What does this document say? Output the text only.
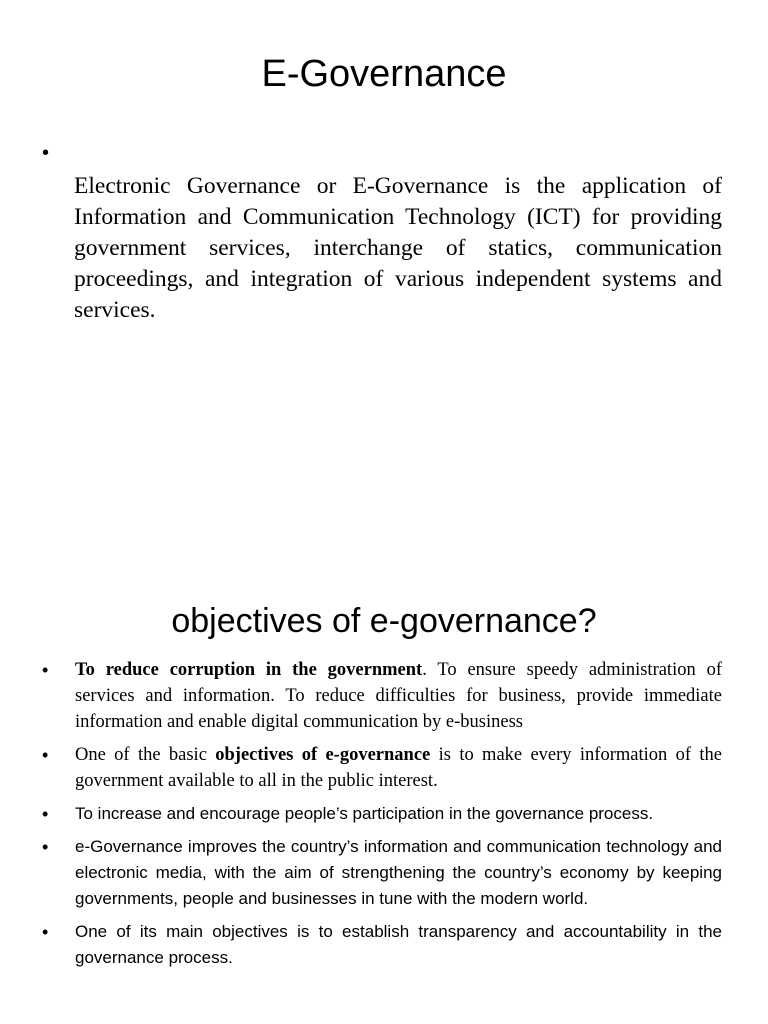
E-Governance
•

Electronic Governance or E-Governance is the application of Information and Communication Technology (ICT) for providing government services, interchange of statics, communication proceedings, and integration of various independent systems and services.

objectives of e-governance?
• To reduce corruption in the government. To ensure speedy administration of services and information. To reduce difficulties for business, provide immediate information and enable digital communication by e-business
• One of the basic objectives of e-governance is to make every information of the government available to all in the public interest.
• To increase and encourage people’s participation in the governance process.
• e-Governance improves the country’s information and communication technology and electronic media, with the aim of strengthening the country’s economy by keeping governments, people and businesses in tune with the modern world.
• One of its main objectives is to establish transparency and accountability in the governance process.
